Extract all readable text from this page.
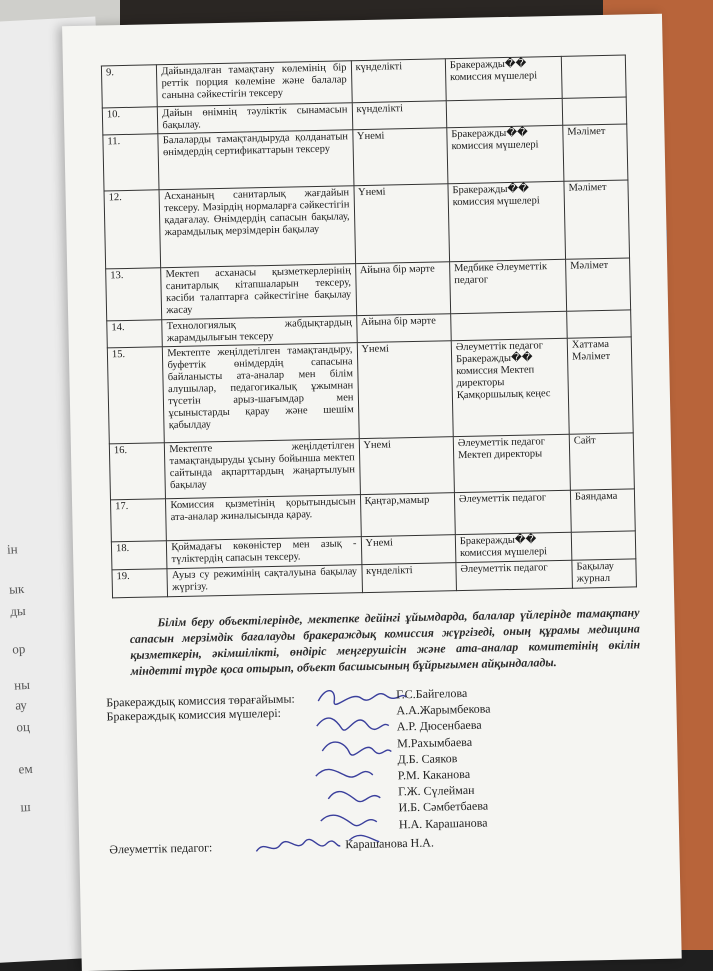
ін
ык
ды
ор
ны
ау
оц
ем
ш
9.	Дайындалған тамақтану көлемінің бір реттік порция көлеміне және балалар санына сәйкестігін тексеру	күнделікті	Бракеражды�� комиссия мүшелері	
10.	Дайын өнімнің тәуліктік сынамасын бақылау.	күнделікті		
11.	Балаларды тамақтандыруда қолданатын өнімдердің сертификаттарын тексеру	Үнемі	Бракеражды�� комиссия мүшелері	Мәлімет
12.	Асхананың санитарлық жағдайын тексеру. Мәзірдің нормаларға сәйкестігін қадағалау. Өнімдердің сапасын бақылау, жарамдылық мерзімдерін бақылау	Үнемі	Бракеражды�� комиссия мүшелері	Мәлімет
13.	Мектеп асханасы қызметкерлерінің санитарлық кітапшаларын тексеру, кәсіби талаптарға сәйкестігіне бақылау жасау	Айына бір мәрте	Медбике Әлеуметтік педагог	Мәлімет
14.	Технологиялық жабдықтардың жарамдылығын тексеру	Айына бір мәрте		
15.	Мектепте жеңілдетілген тамақтандыру, буфеттік өнімдердің сапасына байланысты ата-аналар мен білім алушылар, педагогикалық ұжымнан түсетін арыз-шағымдар мен ұсыныстарды қарау және шешім қабылдау	Үнемі	Әлеуметтік педагог Бракеражды�� комиссия Мектеп директоры Қамқоршылық кеңес	Хаттама Мәлімет
16.	Мектепте жеңілдетілген тамақтандыруды ұсыну бойынша мектеп сайтында ақпарттардың жаңартылуын бақылау	Үнемі	Әлеуметтік педагог Мектеп директоры	Сайт
17.	Комиссия қызметінің қорытындысын ата-аналар жиналысында қарау.	Қаңтар,мамыр	Әлеуметтік педагог	Баяндама
18.	Қоймадағы көкөністер мен азық - түліктердің сапасын тексеру.	Үнемі	Бракеражды�� комиссия мүшелері	
19.	Ауыз су режимінің сақталуына бақылау жүргізу.	күнделікті	Әлеуметтік педагог	Бақылау журнал
Білім беру объектілерінде, мектепке дейінгі ұйымдарда, балалар үйлерінде тамақтану сапасын мерзімдік бағалауды бракераждық комиссия жүргізеді, оның құрамы медицина қызметкерін, әкімшілікті, өндіріс меңгерушісін және ата-аналар комитетінің өкілін міндетті түрде қоса отырып, объект басшысының бұйрығымен айқындалады.
Бракераждық комиссия төрағайымы:
Бракераждық комиссия мүшелері:
Г.С.Байгелова
А.А.Жарымбекова
А.Р. Дюсенбаева
М.Рахымбаева
Д.Б. Саяков
Р.М. Каканова
Г.Ж. Сүлейман
И.Б. Сәмбетбаева
Н.А. Карашанова
Әлеуметтік педагог:	Карашанова Н.А.
